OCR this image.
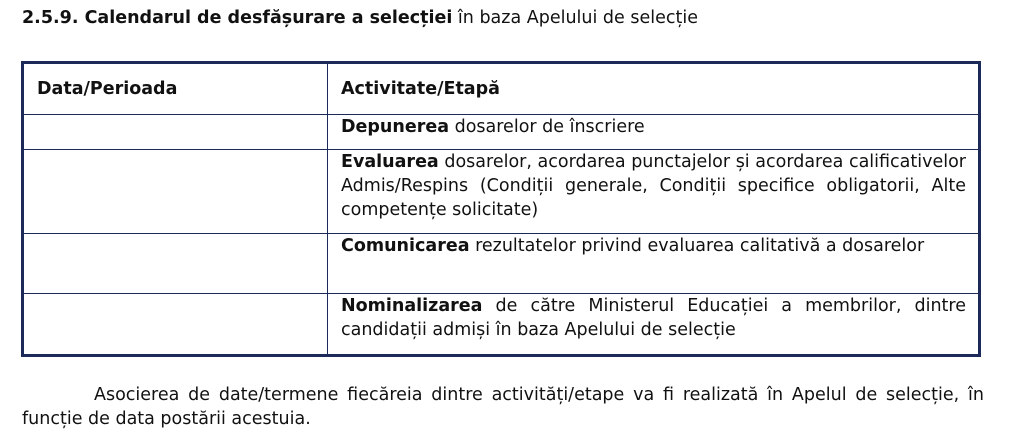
2.5.9. Calendarul de desfășurare a selecției în baza Apelului de selecție
Data/Perioada	Activitate/Etapă
	Depunerea dosarelor de înscriere
	Evaluarea dosarelor, acordarea punctajelor și acordarea calificativelor Admis/Respins (Condiții generale, Condiții specifice obligatorii, Alte competențe solicitate)
	Comunicarea rezultatelor privind evaluarea calitativă a dosarelor
	Nominalizarea de către Ministerul Educației a membrilor, dintre candidații admiși în baza Apelului de selecție
Asocierea de date/termene fiecăreia dintre activități/etape va fi realizată în Apelul de selecție, în funcție de data postării acestuia.
